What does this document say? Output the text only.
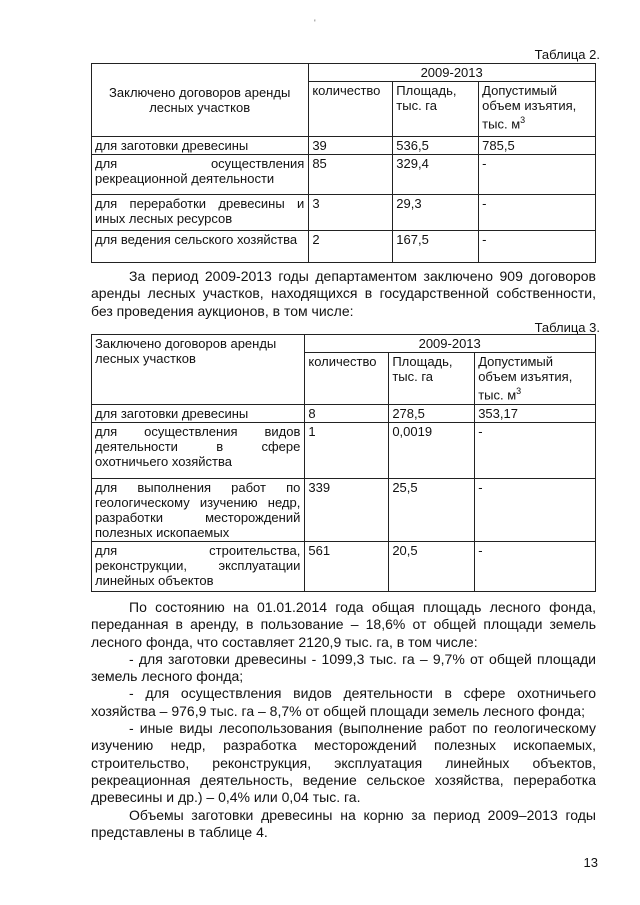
'
Таблица 2.
Заключено договоров аренды лесных участков	2009-2013		
	количество	Площадь, тыс. га	Допустимый объем изъятия, тыс. $м^3$
для заготовки древесины	39	536,5	785,5
для осуществления рекреационной деятельности	85	329,4	-
для переработки древесины и иных лесных ресурсов	3	29,3	-
для ведения сельского хозяйства	2	167,5	-

За период 2009-2013 годы департаментом заключено 909 договоров аренды лесных участков, находящихся в государственной собственности, без проведения аукционов, в том числе:

Таблица 3.
Заключено договоров аренды лесных участков	2009-2013		
	количество	Площадь, тыс. га	Допустимый объем изъятия, тыс. $м^3$
для заготовки древесины	8	278,5	353,17
для осуществления видов деятельности в сфере охотничьего хозяйства	1	0,0019	-
для выполнения работ по геологическому изучению недр, разработки месторождений полезных ископаемых	339	25,5	-
для строительства, реконструкции, эксплуатации линейных объектов	561	20,5	-

По состоянию на 01.01.2014 года общая площадь лесного фонда, переданная в аренду, в пользование – 18,6% от общей площади земель лесного фонда, что составляет 2120,9 тыс. га, в том числе:

- для заготовки древесины - 1099,3 тыс. га – 9,7% от общей площади земель лесного фонда;

- для осуществления видов деятельности в сфере охотничьего хозяйства – 976,9 тыс. га – 8,7% от общей площади земель лесного фонда;

- иные виды лесопользования (выполнение работ по геологическому изучению недр, разработка месторождений полезных ископаемых, строительство, реконструкция, эксплуатация линейных объектов, рекреационная деятельность, ведение сельское хозяйства, переработка древесины и др.) – 0,4% или 0,04 тыс. га.

Объемы заготовки древесины на корню за период 2009–2013 годы представлены в таблице 4.

13
